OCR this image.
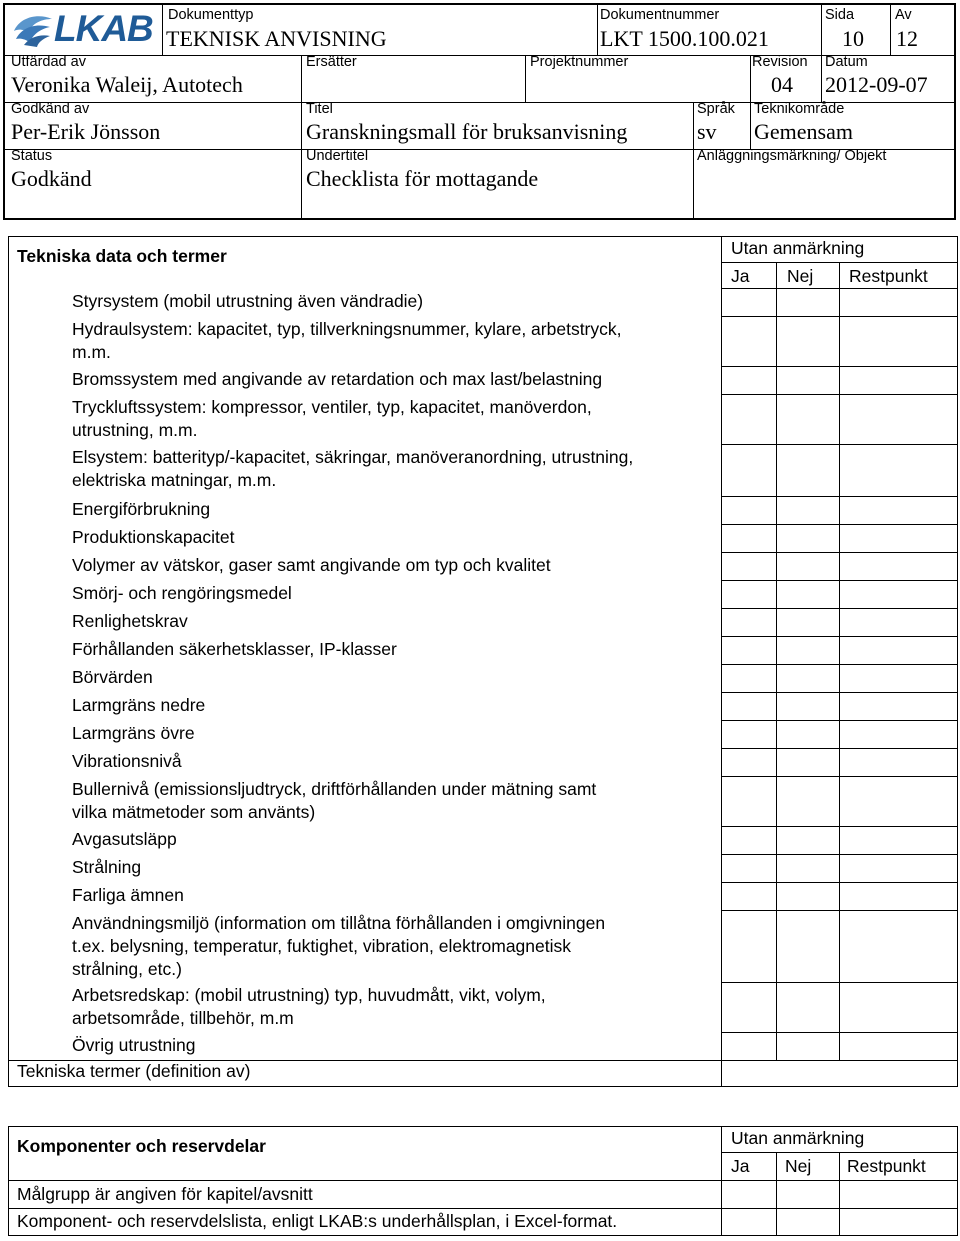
LKAB Dokumenttyp
TEKNISK ANVISNING
Dokumentnummer
LKT 1500.100.021
Sida
10
Av
12
Utfärdad av
Veronika Waleij, Autotech
Ersätter	Projektnummer	Revision
04
Datum
2012-09-07
Godkänd av
Per-Erik Jönsson
Titel
Granskningsmall för bruksanvisning
Språk
sv
Teknikområde
Gemensam
Status
Godkänd
Undertitel
Checklista för mottagande
Anläggningsmärkning/ Objekt
Tekniska data och termer
Komponenter och reservdelar
Utan anmärkning
Ja Nej Restpunkt
Styrsystem (mobil utrustning även vändradie)
Hydraulsystem: kapacitet, typ, tillverkningsnummer, kylare, arbetstryck,
m.m.
Bromssystem med angivande av retardation och max last/belastning
Tryckluftssystem: kompressor, ventiler, typ, kapacitet, manöverdon,
utrustning, m.m.
Elsystem: batterityp/-kapacitet, säkringar, manöveranordning, utrustning,
elektriska matningar, m.m.
Energiförbrukning
Produktionskapacitet
Volymer av vätskor, gaser samt angivande om typ och kvalitet
Smörj- och rengöringsmedel
Renlighetskrav
Förhållanden säkerhetsklasser, IP-klasser
Börvärden
Larmgräns nedre
Larmgräns övre
Vibrationsnivå
Bullernivå (emissionsljudtryck, driftförhållanden under mätning samt
vilka mätmetoder som använts)
Avgasutsläpp
Strålning
Farliga ämnen
Användningsmiljö (information om tillåtna förhållanden i omgivningen
t.ex. belysning, temperatur, fuktighet, vibration, elektromagnetisk
strålning, etc.)
Arbetsredskap: (mobil utrustning) typ, huvudmått, vikt, volym,
arbetsområde, tillbehör, m.m
Övrig utrustning
Tekniska termer (definition av)
Utan anmärkning
Ja Nej Restpunkt
Målgrupp är angiven för kapitel/avsnitt
Komponent- och reservdelslista, enligt LKAB:s underhållsplan, i Excel-format.
